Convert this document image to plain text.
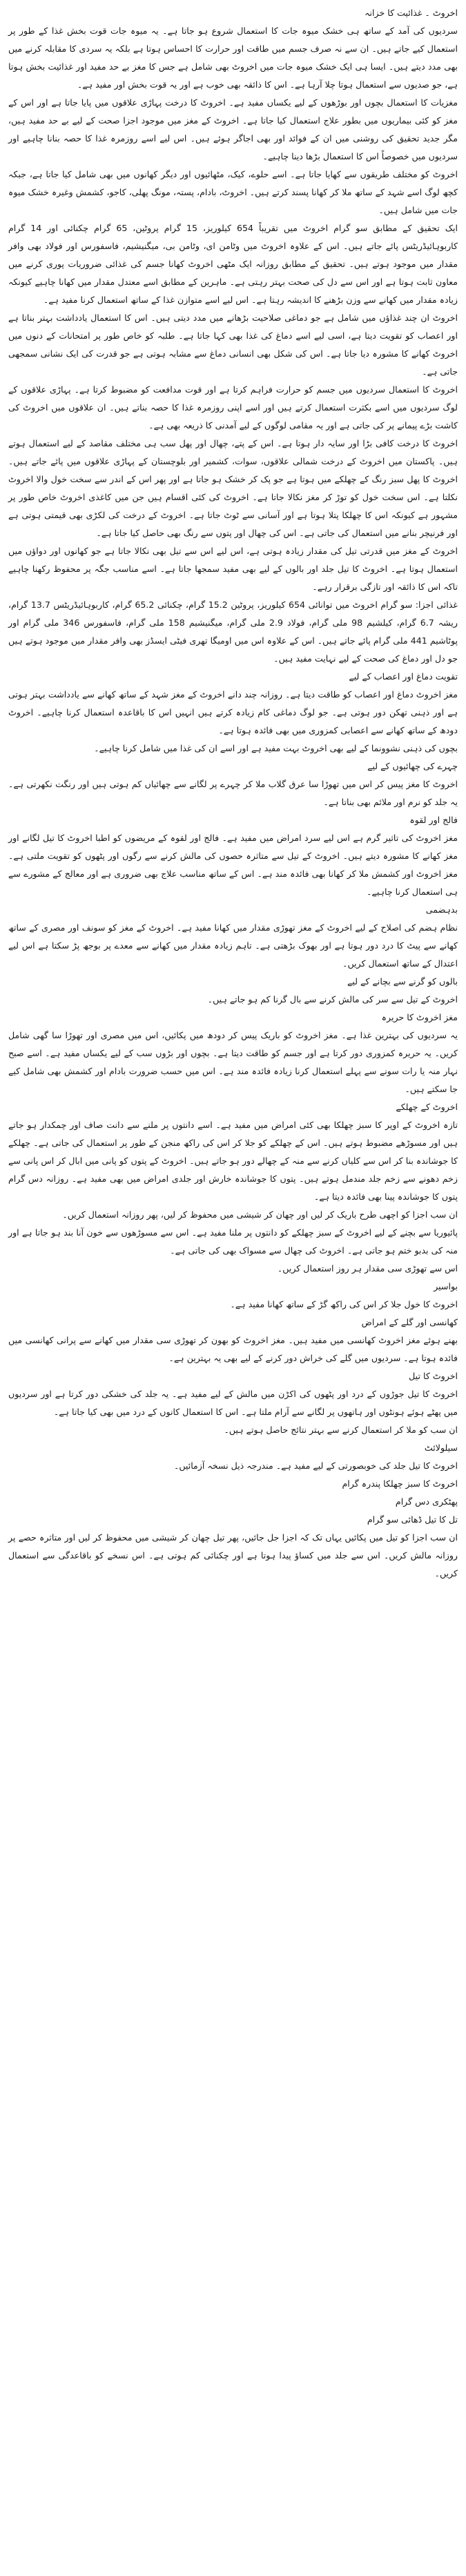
اخروٹ ۔ غذائیت کا خزانہ

سردیوں کی آمد کے ساتھ ہی خشک میوہ جات کا استعمال شروع ہو جاتا ہے۔ یہ میوہ جات قوت بخش غذا کے طور پر استعمال کیے جاتے ہیں۔ ان سے نہ صرف جسم میں طاقت اور حرارت کا احساس ہوتا ہے بلکہ یہ سردی کا مقابلہ کرنے میں بھی مدد دیتے ہیں۔ ایسا ہی ایک خشک میوہ جات میں اخروٹ بھی شامل ہے جس کا مغز بے حد مفید اور غذائیت بخش ہوتا ہے، جو صدیوں سے استعمال ہوتا چلا آرہا ہے۔ اس کا ذائقہ بھی خوب ہے اور یہ قوت بخش اور مفید ہے۔

مغزیات کا استعمال بچوں اور بوڑھوں کے لیے یکساں مفید ہے۔ اخروٹ کا درخت پہاڑی علاقوں میں پایا جاتا ہے اور اس کے مغز کو کئی بیماریوں میں بطور علاج استعمال کیا جاتا ہے۔ اخروٹ کے مغز میں موجود اجزا صحت کے لیے بے حد مفید ہیں، مگر جدید تحقیق کی روشنی میں ان کے فوائد اور بھی اجاگر ہوئے ہیں۔ اس لیے اسے روزمرہ غذا کا حصہ بنانا چاہیے اور سردیوں میں خصوصاً اس کا استعمال بڑھا دینا چاہیے۔

اخروٹ کو مختلف طریقوں سے کھایا جاتا ہے۔ اسے حلوے، کیک، مٹھائیوں اور دیگر کھانوں میں بھی شامل کیا جاتا ہے، جبکہ کچھ لوگ اسے شہد کے ساتھ ملا کر کھانا پسند کرتے ہیں۔ اخروٹ، بادام، پستہ، مونگ پھلی، کاجو، کشمش وغیرہ خشک میوہ جات میں شامل ہیں۔

ایک تحقیق کے مطابق سو گرام اخروٹ میں تقریباً 654 کیلوریز، 15 گرام پروٹین، 65 گرام چکنائی اور 14 گرام کاربوہائیڈریٹس پائے جاتے ہیں۔ اس کے علاوہ اخروٹ میں وٹامن ای، وٹامن بی، میگنیشیم، فاسفورس اور فولاد بھی وافر مقدار میں موجود ہوتے ہیں۔ تحقیق کے مطابق روزانہ ایک مٹھی اخروٹ کھانا جسم کی غذائی ضروریات پوری کرنے میں معاون ثابت ہوتا ہے اور اس سے دل کی صحت بہتر رہتی ہے۔ ماہرین کے مطابق اسے معتدل مقدار میں کھانا چاہیے کیونکہ زیادہ مقدار میں کھانے سے وزن بڑھنے کا اندیشہ رہتا ہے۔ اس لیے اسے متوازن غذا کے ساتھ استعمال کرنا مفید ہے۔

اخروٹ ان چند غذاؤں میں شامل ہے جو دماغی صلاحیت بڑھانے میں مدد دیتی ہیں۔ اس کا استعمال یادداشت بہتر بناتا ہے اور اعصاب کو تقویت دیتا ہے، اسی لیے اسے دماغ کی غذا بھی کہا جاتا ہے۔ طلبہ کو خاص طور پر امتحانات کے دنوں میں اخروٹ کھانے کا مشورہ دیا جاتا ہے۔ اس کی شکل بھی انسانی دماغ سے مشابہ ہوتی ہے جو قدرت کی ایک نشانی سمجھی جاتی ہے۔

اخروٹ کا استعمال سردیوں میں جسم کو حرارت فراہم کرتا ہے اور قوت مدافعت کو مضبوط کرتا ہے۔ پہاڑی علاقوں کے لوگ سردیوں میں اسے بکثرت استعمال کرتے ہیں اور اسے اپنی روزمرہ غذا کا حصہ بناتے ہیں۔ ان علاقوں میں اخروٹ کی کاشت بڑے پیمانے پر کی جاتی ہے اور یہ مقامی لوگوں کے لیے آمدنی کا ذریعہ بھی ہے۔

اخروٹ کا درخت کافی بڑا اور سایہ دار ہوتا ہے۔ اس کے پتے، چھال اور پھل سب ہی مختلف مقاصد کے لیے استعمال ہوتے ہیں۔ پاکستان میں اخروٹ کے درخت شمالی علاقوں، سوات، کشمیر اور بلوچستان کے پہاڑی علاقوں میں پائے جاتے ہیں۔ اخروٹ کا پھل سبز رنگ کے چھلکے میں ہوتا ہے جو پک کر خشک ہو جاتا ہے اور پھر اس کے اندر سے سخت خول والا اخروٹ نکلتا ہے۔ اس سخت خول کو توڑ کر مغز نکالا جاتا ہے۔ اخروٹ کی کئی اقسام ہیں جن میں کاغذی اخروٹ خاص طور پر مشہور ہے کیونکہ اس کا چھلکا پتلا ہوتا ہے اور آسانی سے ٹوٹ جاتا ہے۔ اخروٹ کے درخت کی لکڑی بھی قیمتی ہوتی ہے اور فرنیچر بنانے میں استعمال کی جاتی ہے۔ اس کی چھال اور پتوں سے رنگ بھی حاصل کیا جاتا ہے۔

اخروٹ کے مغز میں قدرتی تیل کی مقدار زیادہ ہوتی ہے، اس لیے اس سے تیل بھی نکالا جاتا ہے جو کھانوں اور دواؤں میں استعمال ہوتا ہے۔ اخروٹ کا تیل جلد اور بالوں کے لیے بھی مفید سمجھا جاتا ہے۔ اسے مناسب جگہ پر محفوظ رکھنا چاہیے تاکہ اس کا ذائقہ اور تازگی برقرار رہے۔

غذائی اجزا: سو گرام اخروٹ میں توانائی 654 کیلوریز، پروٹین 15.2 گرام، چکنائی 65.2 گرام، کاربوہائیڈریٹس 13.7 گرام، ریشہ 6.7 گرام، کیلشیم 98 ملی گرام، فولاد 2.9 ملی گرام، میگنیشیم 158 ملی گرام، فاسفورس 346 ملی گرام اور پوٹاشیم 441 ملی گرام پائے جاتے ہیں۔ اس کے علاوہ اس میں اومیگا تھری فیٹی ایسڈز بھی وافر مقدار میں موجود ہوتے ہیں جو دل اور دماغ کی صحت کے لیے نہایت مفید ہیں۔

تقویت دماغ اور اعصاب کے لیے

مغز اخروٹ دماغ اور اعصاب کو طاقت دیتا ہے۔ روزانہ چند دانے اخروٹ کے مغز شہد کے ساتھ کھانے سے یادداشت بہتر ہوتی ہے اور ذہنی تھکن دور ہوتی ہے۔ جو لوگ دماغی کام زیادہ کرتے ہیں انہیں اس کا باقاعدہ استعمال کرنا چاہیے۔ اخروٹ دودھ کے ساتھ کھانے سے اعصابی کمزوری میں بھی فائدہ ہوتا ہے۔

بچوں کی ذہنی نشوونما کے لیے بھی اخروٹ بہت مفید ہے اور اسے ان کی غذا میں شامل کرنا چاہیے۔

چہرے کی چھائیوں کے لیے

اخروٹ کا مغز پیس کر اس میں تھوڑا سا عرق گلاب ملا کر چہرے پر لگانے سے چھائیاں کم ہوتی ہیں اور رنگت نکھرتی ہے۔ یہ جلد کو نرم اور ملائم بھی بناتا ہے۔

فالج اور لقوہ

مغز اخروٹ کی تاثیر گرم ہے اس لیے سرد امراض میں مفید ہے۔ فالج اور لقوہ کے مریضوں کو اطبا اخروٹ کا تیل لگانے اور مغز کھانے کا مشورہ دیتے ہیں۔ اخروٹ کے تیل سے متاثرہ حصوں کی مالش کرنے سے رگوں اور پٹھوں کو تقویت ملتی ہے۔ مغز اخروٹ اور کشمش ملا کر کھانا بھی فائدہ مند ہے۔ اس کے ساتھ مناسب علاج بھی ضروری ہے اور معالج کے مشورے سے ہی استعمال کرنا چاہیے۔

بدہضمی

نظام ہضم کی اصلاح کے لیے اخروٹ کے مغز تھوڑی مقدار میں کھانا مفید ہے۔ اخروٹ کے مغز کو سونف اور مصری کے ساتھ کھانے سے پیٹ کا درد دور ہوتا ہے اور بھوک بڑھتی ہے۔ تاہم زیادہ مقدار میں کھانے سے معدے پر بوجھ پڑ سکتا ہے اس لیے اعتدال کے ساتھ استعمال کریں۔

بالوں کو گرنے سے بچانے کے لیے

اخروٹ کے تیل سے سر کی مالش کرنے سے بال گرنا کم ہو جاتے ہیں۔

مغز اخروٹ کا حریرہ

یہ سردیوں کی بہترین غذا ہے۔ مغز اخروٹ کو باریک پیس کر دودھ میں پکائیں، اس میں مصری اور تھوڑا سا گھی شامل کریں۔ یہ حریرہ کمزوری دور کرتا ہے اور جسم کو طاقت دیتا ہے۔ بچوں اور بڑوں سب کے لیے یکساں مفید ہے۔ اسے صبح نہار منہ یا رات سونے سے پہلے استعمال کرنا زیادہ فائدہ مند ہے۔ اس میں حسب ضرورت بادام اور کشمش بھی شامل کیے جا سکتے ہیں۔

اخروٹ کے چھلکے

تازہ اخروٹ کے اوپر کا سبز چھلکا بھی کئی امراض میں مفید ہے۔ اسے دانتوں پر ملنے سے دانت صاف اور چمکدار ہو جاتے ہیں اور مسوڑھے مضبوط ہوتے ہیں۔ اس کے چھلکے کو جلا کر اس کی راکھ منجن کے طور پر استعمال کی جاتی ہے۔ چھلکے کا جوشاندہ بنا کر اس سے کلیاں کرنے سے منہ کے چھالے دور ہو جاتے ہیں۔ اخروٹ کے پتوں کو پانی میں ابال کر اس پانی سے زخم دھونے سے زخم جلد مندمل ہوتے ہیں۔ پتوں کا جوشاندہ خارش اور جلدی امراض میں بھی مفید ہے۔ روزانہ دس گرام پتوں کا جوشاندہ پینا بھی فائدہ دیتا ہے۔

ان سب اجزا کو اچھی طرح باریک کر لیں اور چھان کر شیشی میں محفوظ کر لیں، پھر روزانہ استعمال کریں۔

پائیوریا سے بچنے کے لیے اخروٹ کے سبز چھلکے کو دانتوں پر ملنا مفید ہے۔ اس سے مسوڑھوں سے خون آنا بند ہو جاتا ہے اور منہ کی بدبو ختم ہو جاتی ہے۔ اخروٹ کی چھال سے مسواک بھی کی جاتی ہے۔

اس سے تھوڑی سی مقدار ہر روز استعمال کریں۔

بواسیر

اخروٹ کا خول جلا کر اس کی راکھ گڑ کے ساتھ کھانا مفید ہے۔

کھانسی اور گلے کے امراض

بھنے ہوئے مغز اخروٹ کھانسی میں مفید ہیں۔ مغز اخروٹ کو بھون کر تھوڑی سی مقدار میں کھانے سے پرانی کھانسی میں فائدہ ہوتا ہے۔ سردیوں میں گلے کی خراش دور کرنے کے لیے بھی یہ بہترین ہے۔

اخروٹ کا تیل

اخروٹ کا تیل جوڑوں کے درد اور پٹھوں کی اکڑن میں مالش کے لیے مفید ہے۔ یہ جلد کی خشکی دور کرتا ہے اور سردیوں میں پھٹے ہوئے ہونٹوں اور ہاتھوں پر لگانے سے آرام ملتا ہے۔ اس کا استعمال کانوں کے درد میں بھی کیا جاتا ہے۔

ان سب کو ملا کر استعمال کرنے سے بہتر نتائج حاصل ہوتے ہیں۔

سیلولائٹ

اخروٹ کا تیل جلد کی خوبصورتی کے لیے مفید ہے۔ مندرجہ ذیل نسخہ آزمائیں۔

اخروٹ کا سبز چھلکا پندرہ گرام

پھٹکری دس گرام

تل کا تیل ڈھائی سو گرام

ان سب اجزا کو تیل میں پکائیں یہاں تک کہ اجزا جل جائیں، پھر تیل چھان کر شیشی میں محفوظ کر لیں اور متاثرہ حصے پر روزانہ مالش کریں۔ اس سے جلد میں کساؤ پیدا ہوتا ہے اور چکنائی کم ہوتی ہے۔ اس نسخے کو باقاعدگی سے استعمال کریں۔
